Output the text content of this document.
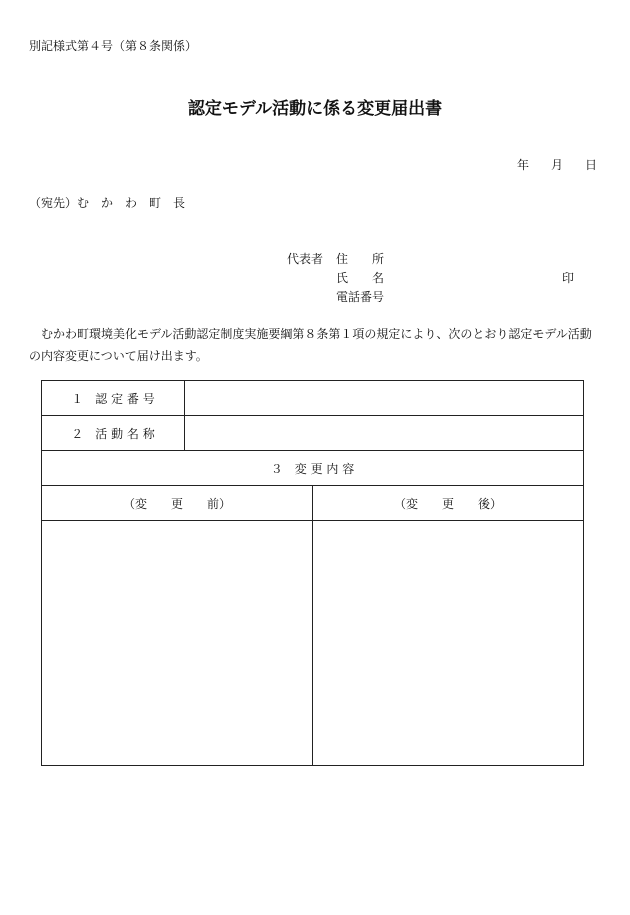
別記様式第４号（第８条関係）
認定モデル活動に係る変更届出書
年 月 日
（宛先）む　か　わ　町　長
代表者 住　　所
氏　　名	印
電話番号
むかわ町環境美化モデル活動認定制度実施要綱第８条第１項の規定により、次のとおり認定モデル活動の内容変更について届け出ます。
１　認 定 番 号		
２　活 動 名 称		
３　変 更 内 容		
（変　　更　　前）		（変　　更　　後）
